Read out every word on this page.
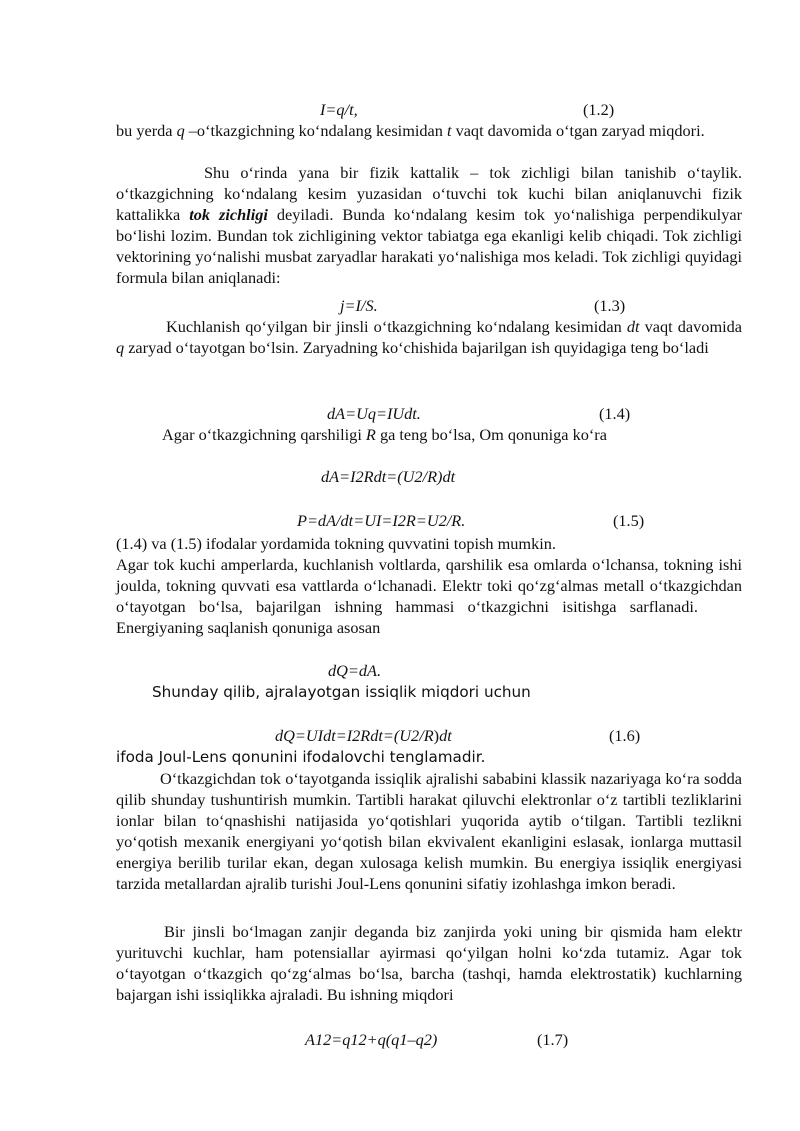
I=q/t,	(1.2)
bu yerda q –o‘tkazgichning ko‘ndalang kesimidan t vaqt davomida o‘tgan zaryad miqdori.
Shu o‘rinda yana bir fizik kattalik – tok zichligi bilan tanishib o‘taylik. o‘tkazgichning ko‘ndalang kesim yuzasidan o‘tuvchi tok kuchi bilan aniqlanuvchi fizik kattalikka tok zichligi deyiladi. Bunda ko‘ndalang kesim tok yo‘nalishiga perpendikulyar bo‘lishi lozim. Bundan tok zichligining vektor tabiatga ega ekanligi kelib chiqadi. Tok zichligi vektorining yo‘nalishi musbat zaryadlar harakati yo‘nalishiga mos keladi. Tok zichligi quyidagi formula bilan aniqlanadi:
j=I/S.	(1.3)
Kuchlanish qo‘yilgan bir jinsli o‘tkazgichning ko‘ndalang kesimidan dt vaqt davomida q zaryad o‘tayotgan bo‘lsin. Zaryadning ko‘chishida bajarilgan ish quyidagiga teng bo‘ladi
dA=Uq=IUdt.	(1.4)
Agar o‘tkazgichning qarshiligi R ga teng bo‘lsa, Om qonuniga ko‘ra
dA=I2Rdt=(U2/R)dt
P=dA/dt=UI=I2R=U2/R.	(1.5)
(1.4) va (1.5) ifodalar yordamida tokning quvvatini topish mumkin.
Agar tok kuchi amperlarda, kuchlanish voltlarda, qarshilik esa omlarda o‘lchansa, tokning ishi joulda, tokning quvvati esa vattlarda o‘lchanadi. Elektr toki qo‘zg‘almas metall o‘tkazgichdan o‘tayotgan bo‘lsa, bajarilgan ishning hammasi o‘tkazgichni isitishga sarflanadi.Energiyaning saqlanish qonuniga asosan
dQ=dA.
Shunday qilib, ajralayotgan issiqlik miqdori uchun
dQ=UIdt=I2Rdt=(U2/R)dt	(1.6)
ifoda Joul-Lens qonunini ifodalovchi tenglamadir.
O‘tkazgichdan tok o‘tayotganda issiqlik ajralishi sababini klassik nazariyaga ko‘ra sodda qilib shunday tushuntirish mumkin. Tartibli harakat qiluvchi elektronlar o‘z tartibli tezliklarini ionlar bilan to‘qnashishi natijasida yo‘qotishlari yuqorida aytib o‘tilgan. Tartibli tezlikni yo‘qotish mexanik energiyani yo‘qotish bilan ekvivalent ekanligini eslasak, ionlarga muttasil energiya berilib turilar ekan, degan xulosaga kelish mumkin. Bu energiya issiqlik energiyasi tarzida metallardan ajralib turishi Joul-Lens qonunini sifatiy izohlashga imkon beradi.
Bir jinsli bo‘lmagan zanjir deganda biz zanjirda yoki uning bir qismida ham elektr yurituvchi kuchlar, ham potensiallar ayirmasi qo‘yilgan holni ko‘zda tutamiz. Agar tok o‘tayotgan o‘tkazgich qo‘zg‘almas bo‘lsa, barcha (tashqi, hamda elektrostatik) kuchlarning bajargan ishi issiqlikka ajraladi. Bu ishning miqdori
A12=q12+q(q1–q2)	(1.7)
